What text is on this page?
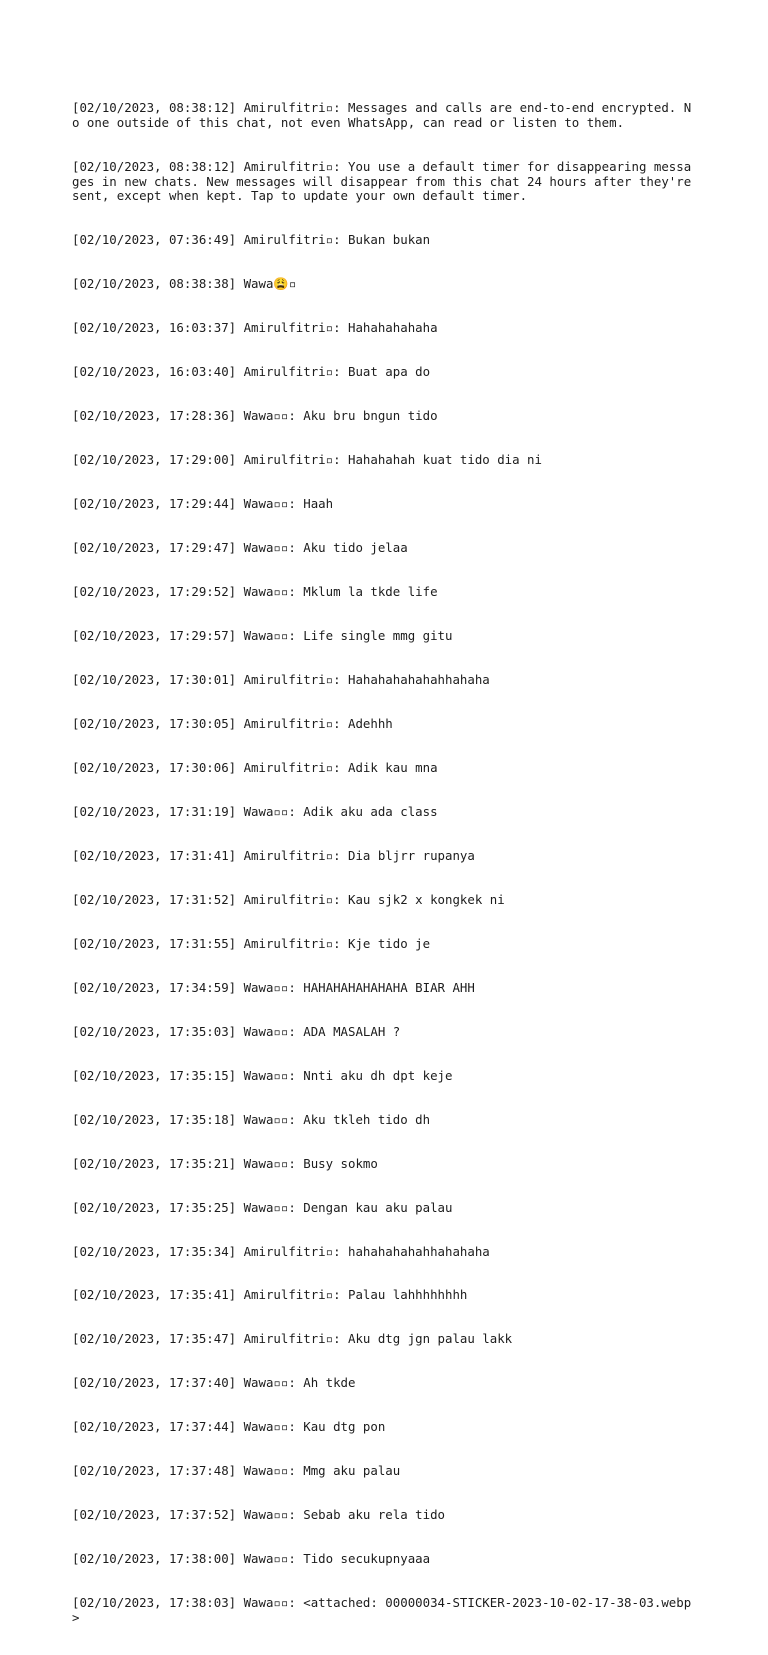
[02/10/2023, 08:38:12] Amirulfitri▫: Messages and calls are end-to-end encrypted. No one outside of this chat, not even WhatsApp, can read or listen to them.

[02/10/2023, 08:38:12] Amirulfitri▫: You use a default timer for disappearing messages in new chats. New messages will disappear from this chat 24 hours after they're sent, except when kept. Tap to update your own default timer.

[02/10/2023, 07:36:49] Amirulfitri▫: Bukan bukan

[02/10/2023, 08:38:38] Wawa😩▫

[02/10/2023, 16:03:37] Amirulfitri▫: Hahahahahaha

[02/10/2023, 16:03:40] Amirulfitri▫: Buat apa do

[02/10/2023, 17:28:36] Wawa▫▫: Aku bru bngun tido

[02/10/2023, 17:29:00] Amirulfitri▫: Hahahahah kuat tido dia ni

[02/10/2023, 17:29:44] Wawa▫▫: Haah

[02/10/2023, 17:29:47] Wawa▫▫: Aku tido jelaa

[02/10/2023, 17:29:52] Wawa▫▫: Mklum la tkde life

[02/10/2023, 17:29:57] Wawa▫▫: Life single mmg gitu

[02/10/2023, 17:30:01] Amirulfitri▫: Hahahahahahahhahaha

[02/10/2023, 17:30:05] Amirulfitri▫: Adehhh

[02/10/2023, 17:30:06] Amirulfitri▫: Adik kau mna

[02/10/2023, 17:31:19] Wawa▫▫: Adik aku ada class

[02/10/2023, 17:31:41] Amirulfitri▫: Dia bljrr rupanya

[02/10/2023, 17:31:52] Amirulfitri▫: Kau sjk2 x kongkek ni

[02/10/2023, 17:31:55] Amirulfitri▫: Kje tido je

[02/10/2023, 17:34:59] Wawa▫▫: HAHAHAHAHAHAHA BIAR AHH

[02/10/2023, 17:35:03] Wawa▫▫: ADA MASALAH ?

[02/10/2023, 17:35:15] Wawa▫▫: Nnti aku dh dpt keje

[02/10/2023, 17:35:18] Wawa▫▫: Aku tkleh tido dh

[02/10/2023, 17:35:21] Wawa▫▫: Busy sokmo

[02/10/2023, 17:35:25] Wawa▫▫: Dengan kau aku palau

[02/10/2023, 17:35:34] Amirulfitri▫: hahahahahahhahahaha

[02/10/2023, 17:35:41] Amirulfitri▫: Palau lahhhhhhhh

[02/10/2023, 17:35:47] Amirulfitri▫: Aku dtg jgn palau lakk

[02/10/2023, 17:37:40] Wawa▫▫: Ah tkde

[02/10/2023, 17:37:44] Wawa▫▫: Kau dtg pon

[02/10/2023, 17:37:48] Wawa▫▫: Mmg aku palau

[02/10/2023, 17:37:52] Wawa▫▫: Sebab aku rela tido

[02/10/2023, 17:38:00] Wawa▫▫: Tido secukupnyaaa

[02/10/2023, 17:38:03] Wawa▫▫: <attached: 00000034-STICKER-2023-10-02-17-38-03.webp>
